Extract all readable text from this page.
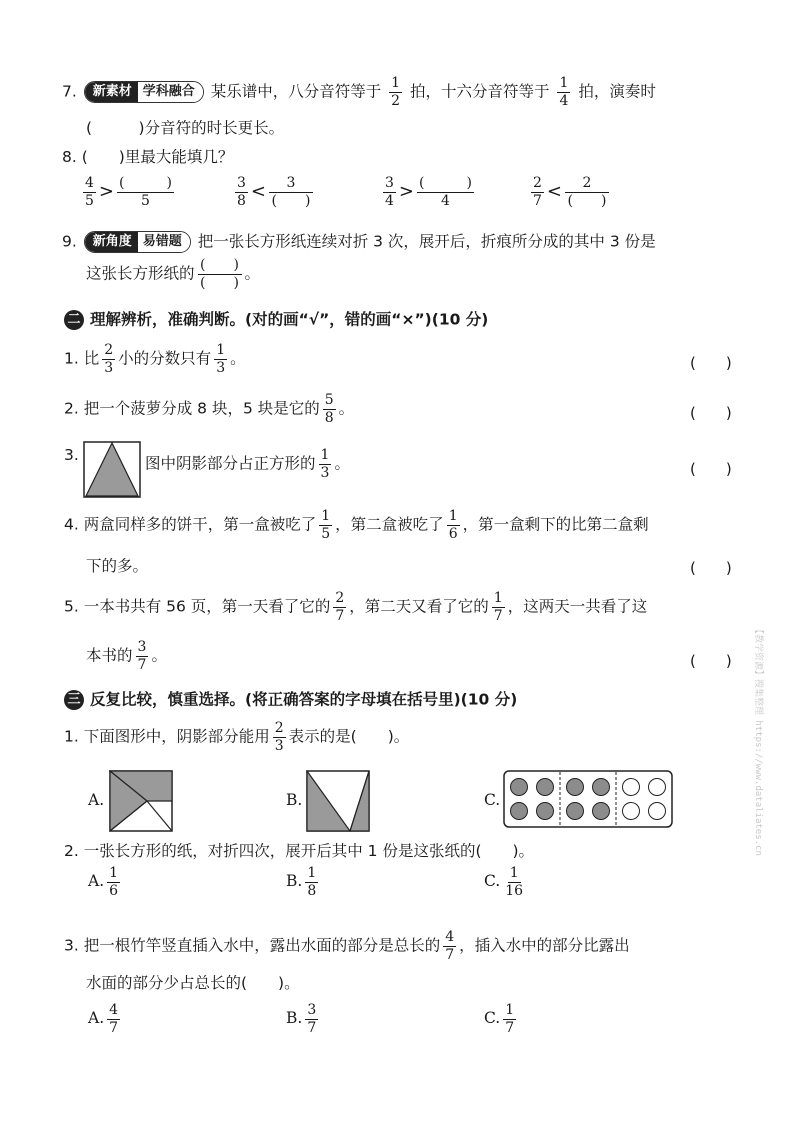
7. 新素材 学科融合 某乐谱中，八分音符等于 $\frac{1}{2}$ 拍，十六分音符等于 $\frac{1}{4}$ 拍，演奏时
(　　　)分音符的时长更长。
8. (　　)里最大能填几？
$\frac{4}{5} > \frac{( )}{5}$	$\frac{3}{8} < \frac{3}{( )}$	$\frac{3}{4} > \frac{( )}{4}$	$\frac{2}{7} < \frac{2}{( )}$
9. 新角度 易错题 把一张长方形纸连续对折 3 次，展开后，折痕所分成的其中 3 份是
这张长方形纸的 $\frac{( )}{( )}$ 。
二 理解辨析，准确判断。(对的画“√”，错的画“×”)(10 分)
1. 比 $\frac{2}{3}$ 小的分数只有 $\frac{1}{3}$ 。	(　　)
2. 把一个菠萝分成 8 块，5 块是它的 $\frac{5}{8}$ 。	(　　)
3.	图中阴影部分占正方形的 $\frac{1}{3}$ 。	(　　)
4. 两盒同样多的饼干，第一盒被吃了 $\frac{1}{5}$ ，第二盒被吃了 $\frac{1}{6}$ ，第一盒剩下的比第二盒剩
下的多。	(　　)
5. 一本书共有 56 页，第一天看了它的 $\frac{2}{7}$ ，第二天又看了它的 $\frac{1}{7}$ ，这两天一共看了这
本书的 $\frac{3}{7}$ 。	(　　)
三 反复比较，慎重选择。(将正确答案的字母填在括号里)(10 分)
1. 下面图形中，阴影部分能用 $\frac{2}{3}$ 表示的是(　　)。
A.	B.	C.
2. 一张长方形的纸，对折四次，展开后其中 1 份是这张纸的(　　)。
A. $\frac{1}{6}$	B. $\frac{1}{8}$	C. $\frac{1}{16}$
3. 把一根竹竿竖直插入水中，露出水面的部分是总长的 $\frac{4}{7}$ ，插入水中的部分比露出
水面的部分少占总长的(　　)。
A. $\frac{4}{7}$	B. $\frac{3}{7}$	C. $\frac{1}{7}$
【教学资源】搜集整理 https://www.dataliates.cn
